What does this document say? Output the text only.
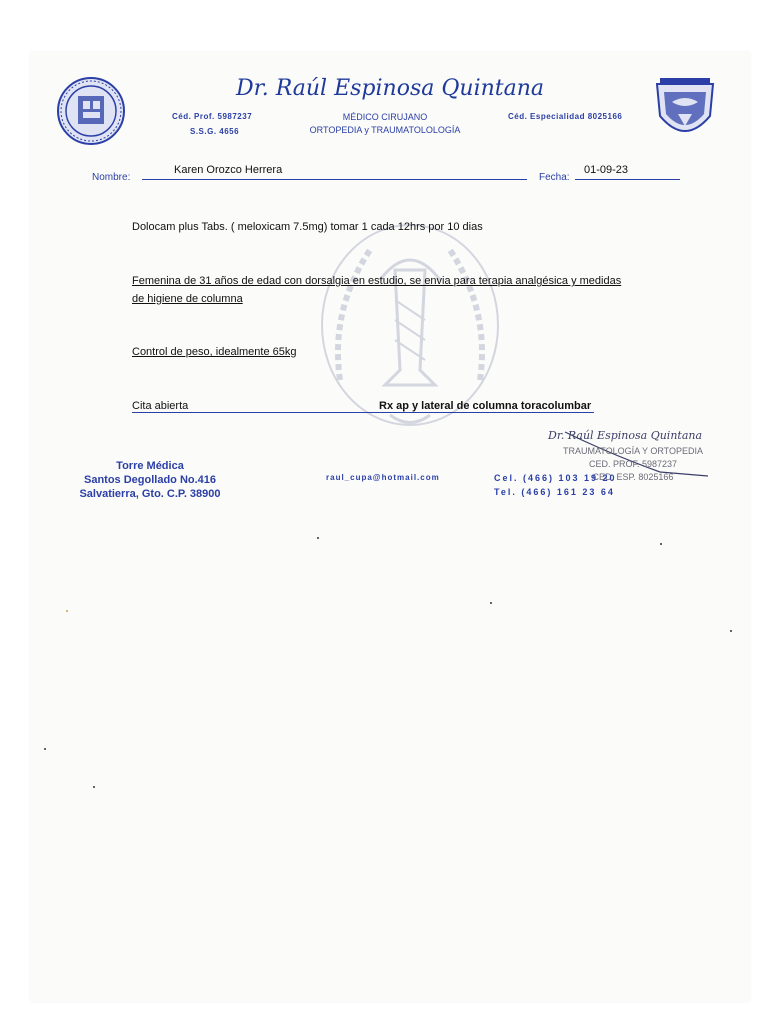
Dr. Raúl Espinosa Quintana
Céd. Prof. 5987237
S.S.G. 4656
MÉDICO CIRUJANO
ORTOPEDIA y TRAUMATOLOLOGÍA
Céd. Especialidad 8025166
Nombre:
Karen Orozco Herrera
Fecha:
01-09-23
Dolocam plus Tabs. ( meloxicam 7.5mg) tomar 1 cada 12hrs por 10 dias
Femenina de 31 años de edad con dorsalgia en estudio, se envia para terapia analgésica y medidas
de higiene de columna
Control de peso, idealmente 65kg
Cita abierta	Rx ap y lateral de columna toracolumbar
Dr. Raúl Espinosa Quintana
TRAUMATOLOGÍA Y ORTOPEDIA
CED. PROF. 5987237
CED. ESP. 8025166
Torre Médica
Santos Degollado No.416
Salvatierra, Gto. C.P. 38900
raul_cupa@hotmail.com	Cel. (466) 103 19 20
Tel. (466) 161 23 64
